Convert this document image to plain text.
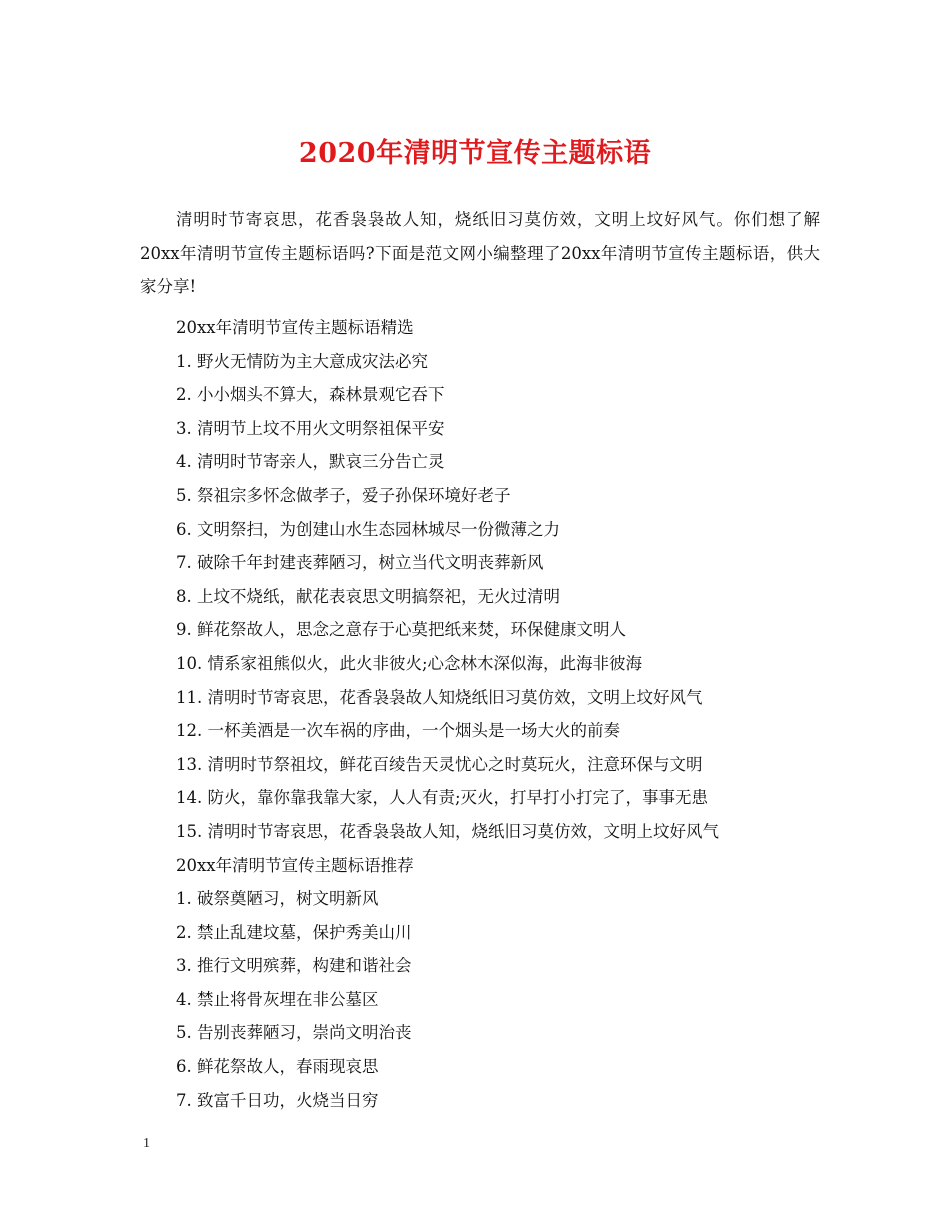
2020年清明节宣传主题标语

清明时节寄哀思，花香袅袅故人知，烧纸旧习莫仿效，文明上坟好风气。你们想了解20xx年清明节宣传主题标语吗?下面是范文网小编整理了20xx年清明节宣传主题标语，供大家分享!

20xx年清明节宣传主题标语精选
1. 野火无情防为主大意成灾法必究
2. 小小烟头不算大，森林景观它吞下
3. 清明节上坟不用火文明祭祖保平安
4. 清明时节寄亲人，默哀三分告亡灵
5. 祭祖宗多怀念做孝子，爱子孙保环境好老子
6. 文明祭扫，为创建山水生态园林城尽一份微薄之力
7. 破除千年封建丧葬陋习，树立当代文明丧葬新风
8. 上坟不烧纸，献花表哀思文明搞祭祀，无火过清明
9. 鲜花祭故人，思念之意存于心莫把纸来焚，环保健康文明人
10. 情系家祖熊似火，此火非彼火;心念林木深似海，此海非彼海
11. 清明时节寄哀思，花香袅袅故人知烧纸旧习莫仿效，文明上坟好风气
12. 一杯美酒是一次车祸的序曲，一个烟头是一场大火的前奏
13. 清明时节祭祖坟，鲜花百绫告天灵忧心之时莫玩火，注意环保与文明
14. 防火，靠你靠我靠大家，人人有责;灭火，打早打小打完了，事事无患
15. 清明时节寄哀思，花香袅袅故人知，烧纸旧习莫仿效，文明上坟好风气
20xx年清明节宣传主题标语推荐
1. 破祭奠陋习，树文明新风
2. 禁止乱建坟墓，保护秀美山川
3. 推行文明殡葬，构建和谐社会
4. 禁止将骨灰埋在非公墓区
5. 告别丧葬陋习，崇尚文明治丧
6. 鲜花祭故人，春雨现哀思
7. 致富千日功，火烧当日穷
1
